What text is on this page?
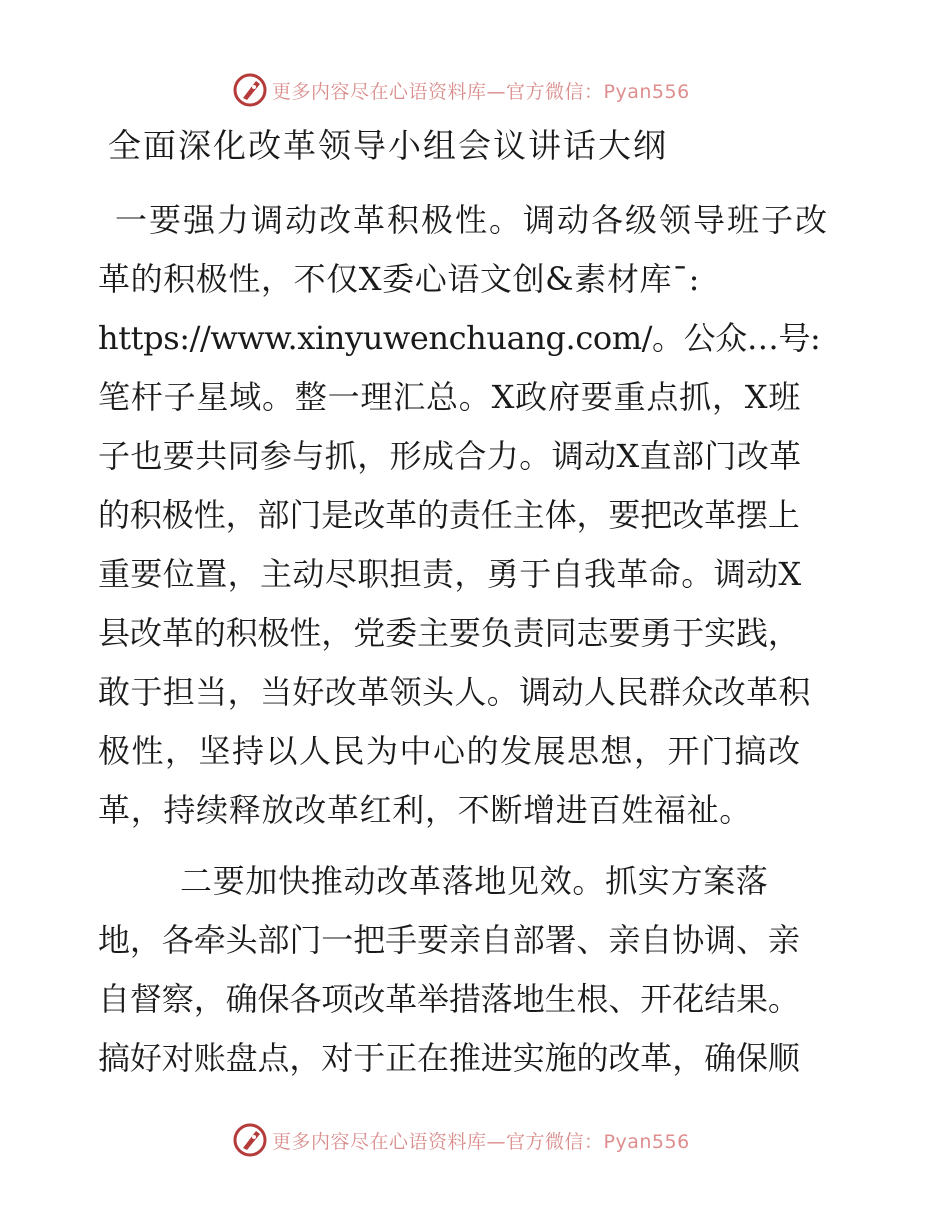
更多内容尽在心语资料库—官方微信：Pyan556
全面深化改革领导小组会议讲话大纲

一要强力调动改革积极性。调动各级领导班子改

革的积极性，不仅X委心语文创&素材库¯:

https://www.xinyuwenchuang.com/。公众…号:

笔杆子星域。整一理汇总。X政府要重点抓，X班

子也要共同参与抓，形成合力。调动X直部门改革

的积极性，部门是改革的责任主体，要把改革摆上

重要位置，主动尽职担责，勇于自我革命。调动X

县改革的积极性，党委主要负责同志要勇于实践，

敢于担当，当好改革领头人。调动人民群众改革积

极性，坚持以人民为中心的发展思想，开门搞改

革，持续释放改革红利，不断增进百姓福祉。

二要加快推动改革落地见效。抓实方案落

地，各牵头部门一把手要亲自部署、亲自协调、亲

自督察，确保各项改革举措落地生根、开花结果。

搞好对账盘点，对于正在推进实施的改革，确保顺

更多内容尽在心语资料库—官方微信：Pyan556
